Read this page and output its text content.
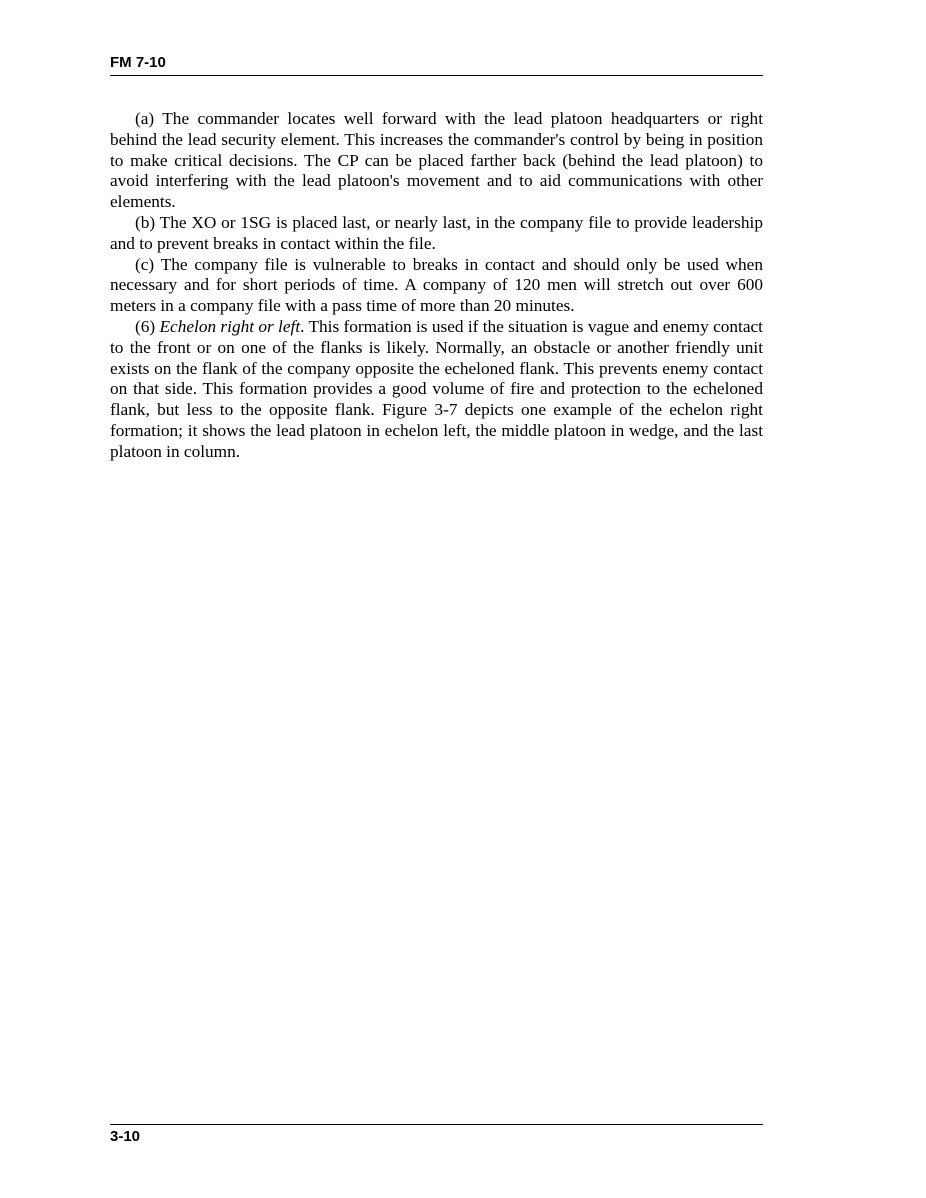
FM 7-10

(a) The commander locates well forward with the lead platoon headquarters or right behind the lead security element. This increases the commander's control by being in position to make critical decisions. The CP can be placed farther back (behind the lead platoon) to avoid interfering with the lead platoon's movement and to aid communications with other elements.

(b) The XO or 1SG is placed last, or nearly last, in the company file to provide leadership and to prevent breaks in contact within the file.

(c) The company file is vulnerable to breaks in contact and should only be used when necessary and for short periods of time. A company of 120 men will stretch out over 600 meters in a company file with a pass time of more than 20 minutes.

(6) Echelon right or left. This formation is used if the situation is vague and enemy contact to the front or on one of the flanks is likely. Normally, an obstacle or another friendly unit exists on the flank of the company opposite the echeloned flank. This prevents enemy contact on that side. This formation provides a good volume of fire and protection to the echeloned flank, but less to the opposite flank. Figure 3-7 depicts one example of the echelon right formation; it shows the lead platoon in echelon left, the middle platoon in wedge, and the last platoon in column.

3-10
